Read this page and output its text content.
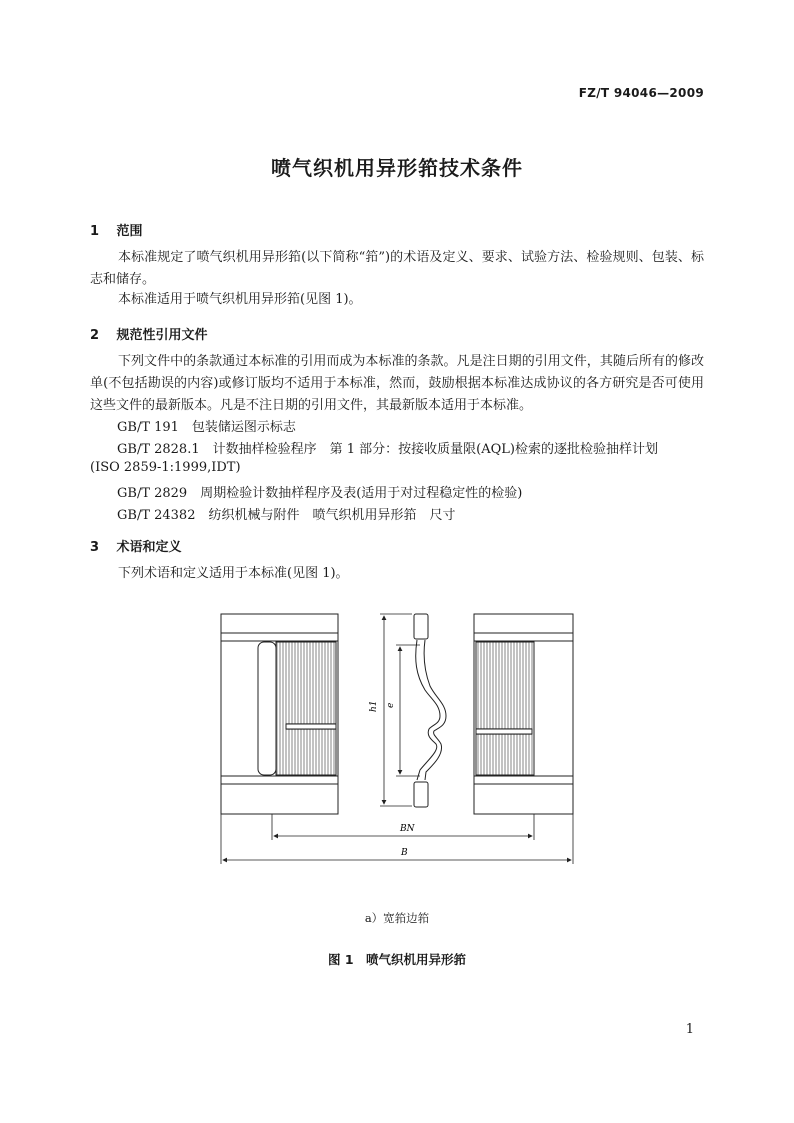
FZ/T 94046—2009
喷气织机用异形筘技术条件
1 范围
本标准规定了喷气织机用异形筘(以下简称“筘”)的术语及定义、要求、试验方法、检验规则、包装、标志和储存。
本标准适用于喷气织机用异形筘(见图 1)。
2 规范性引用文件
下列文件中的条款通过本标准的引用而成为本标准的条款。凡是注日期的引用文件，其随后所有的修改单(不包括勘误的内容)或修订版均不适用于本标准，然而，鼓励根据本标准达成协议的各方研究是否可使用这些文件的最新版本。凡是不注日期的引用文件，其最新版本适用于本标准。
GB/T 191　包装储运图示标志
GB/T 2828.1　计数抽样检验程序　第 1 部分：按接收质量限(AQL)检索的逐批检验抽样计划
(ISO 2859-1:1999,IDT)
GB/T 2829　周期检验计数抽样程序及表(适用于对过程稳定性的检验)
GB/T 24382　纺织机械与附件　喷气织机用异形筘　尺寸
3 术语和定义
下列术语和定义适用于本标准(见图 1)。
h1 e
BN
B
a）宽筘边筘
图 1　喷气织机用异形筘
1
